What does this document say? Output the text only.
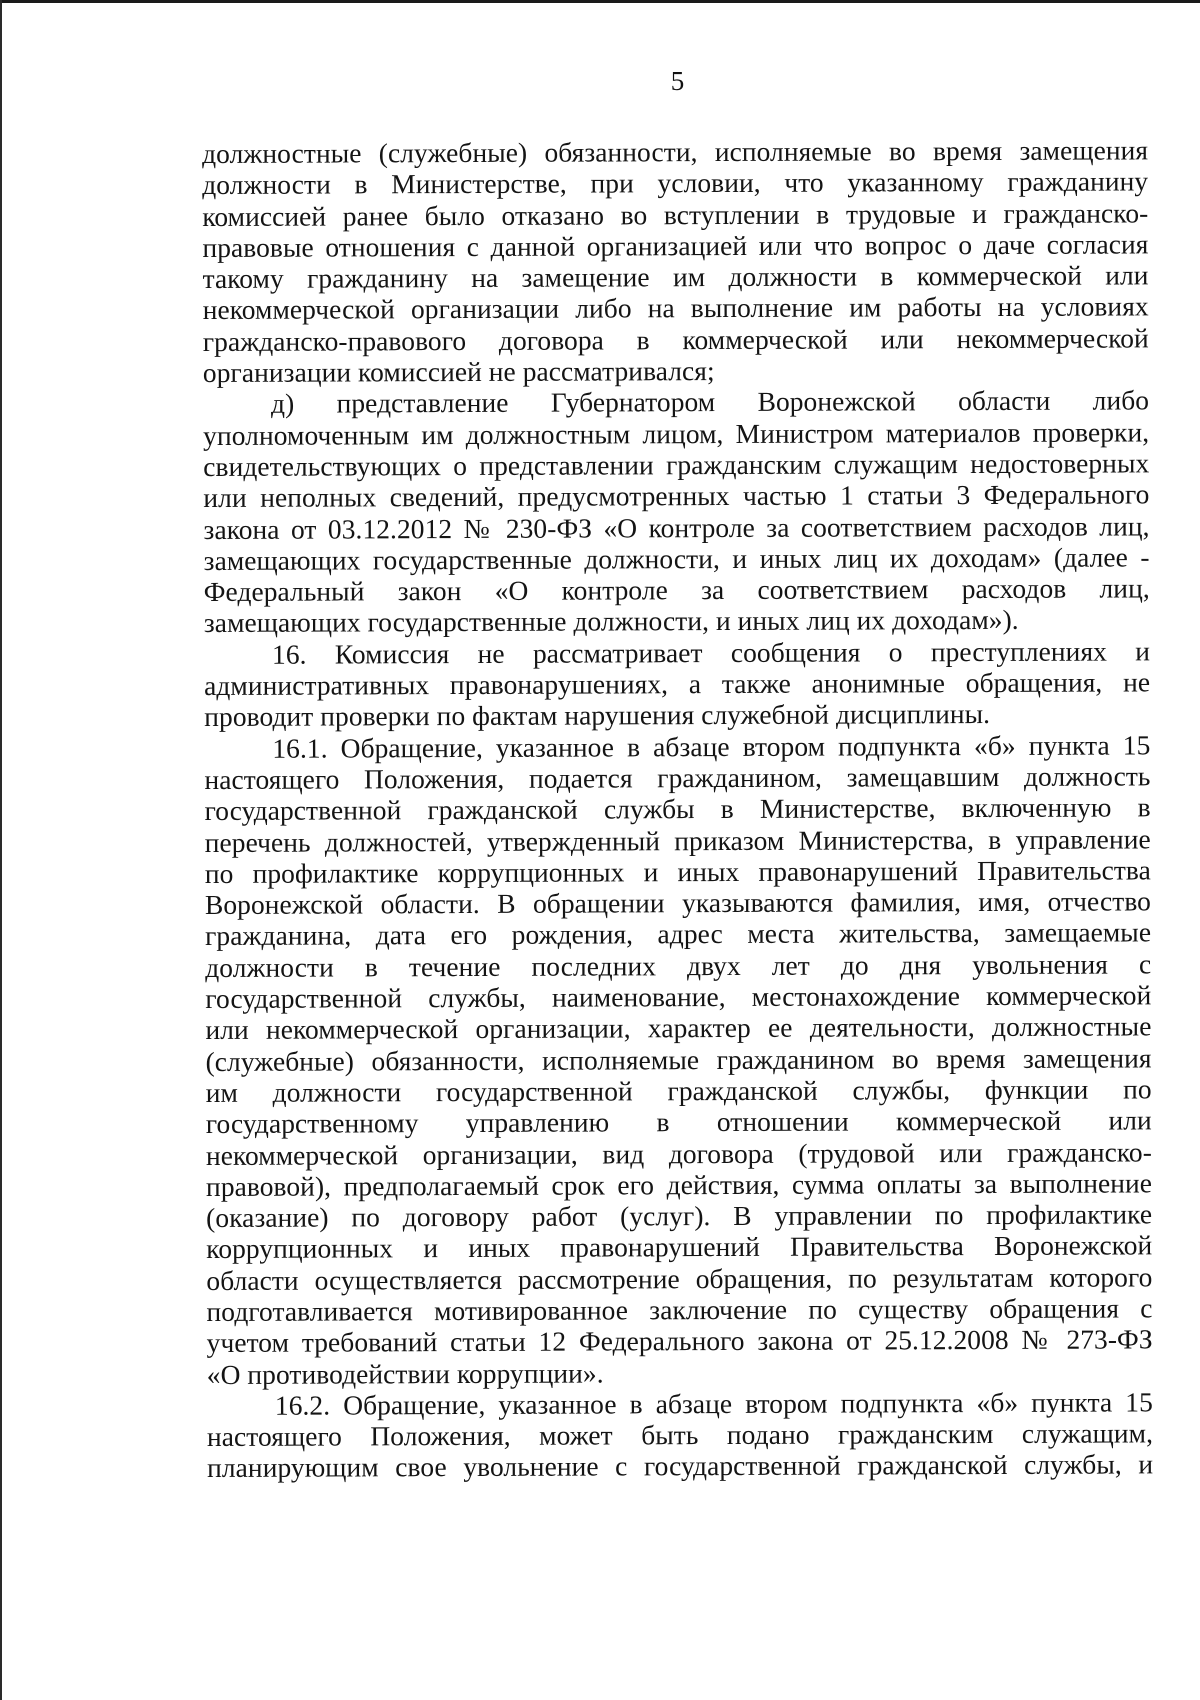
5
должностные (служебные) обязанности, исполняемые во время замещения
должности в Министерстве, при условии, что указанному гражданину
комиссией ранее было отказано во вступлении в трудовые и гражданско-
правовые отношения с данной организацией или что вопрос о даче согласия
такому гражданину на замещение им должности в коммерческой или
некоммерческой организации либо на выполнение им работы на условиях
гражданско-правового договора в коммерческой или некоммерческой
организации комиссией не рассматривался;
д) представление Губернатором Воронежской области либо
уполномоченным им должностным лицом, Министром материалов проверки,
свидетельствующих о представлении гражданским служащим недостоверных
или неполных сведений, предусмотренных частью 1 статьи 3 Федерального
закона от 03.12.2012 № 230-ФЗ «О контроле за соответствием расходов лиц,
замещающих государственные должности, и иных лиц их доходам» (далее -
Федеральный закон «О контроле за соответствием расходов лиц,
замещающих государственные должности, и иных лиц их доходам»).
16. Комиссия не рассматривает сообщения о преступлениях и
административных правонарушениях, а также анонимные обращения, не
проводит проверки по фактам нарушения служебной дисциплины.
16.1. Обращение, указанное в абзаце втором подпункта «б» пункта 15
настоящего Положения, подается гражданином, замещавшим должность
государственной гражданской службы в Министерстве, включенную в
перечень должностей, утвержденный приказом Министерства, в управление
по профилактике коррупционных и иных правонарушений Правительства
Воронежской области. В обращении указываются фамилия, имя, отчество
гражданина, дата его рождения, адрес места жительства, замещаемые
должности в течение последних двух лет до дня увольнения с
государственной службы, наименование, местонахождение коммерческой
или некоммерческой организации, характер ее деятельности, должностные
(служебные) обязанности, исполняемые гражданином во время замещения
им должности государственной гражданской службы, функции по
государственному управлению в отношении коммерческой или
некоммерческой организации, вид договора (трудовой или гражданско-
правовой), предполагаемый срок его действия, сумма оплаты за выполнение
(оказание) по договору работ (услуг). В управлении по профилактике
коррупционных и иных правонарушений Правительства Воронежской
области осуществляется рассмотрение обращения, по результатам которого
подготавливается мотивированное заключение по существу обращения с
учетом требований статьи 12 Федерального закона от 25.12.2008 № 273-ФЗ
«О противодействии коррупции».
16.2. Обращение, указанное в абзаце втором подпункта «б» пункта 15
настоящего Положения, может быть подано гражданским служащим,
планирующим свое увольнение с государственной гражданской службы, и
